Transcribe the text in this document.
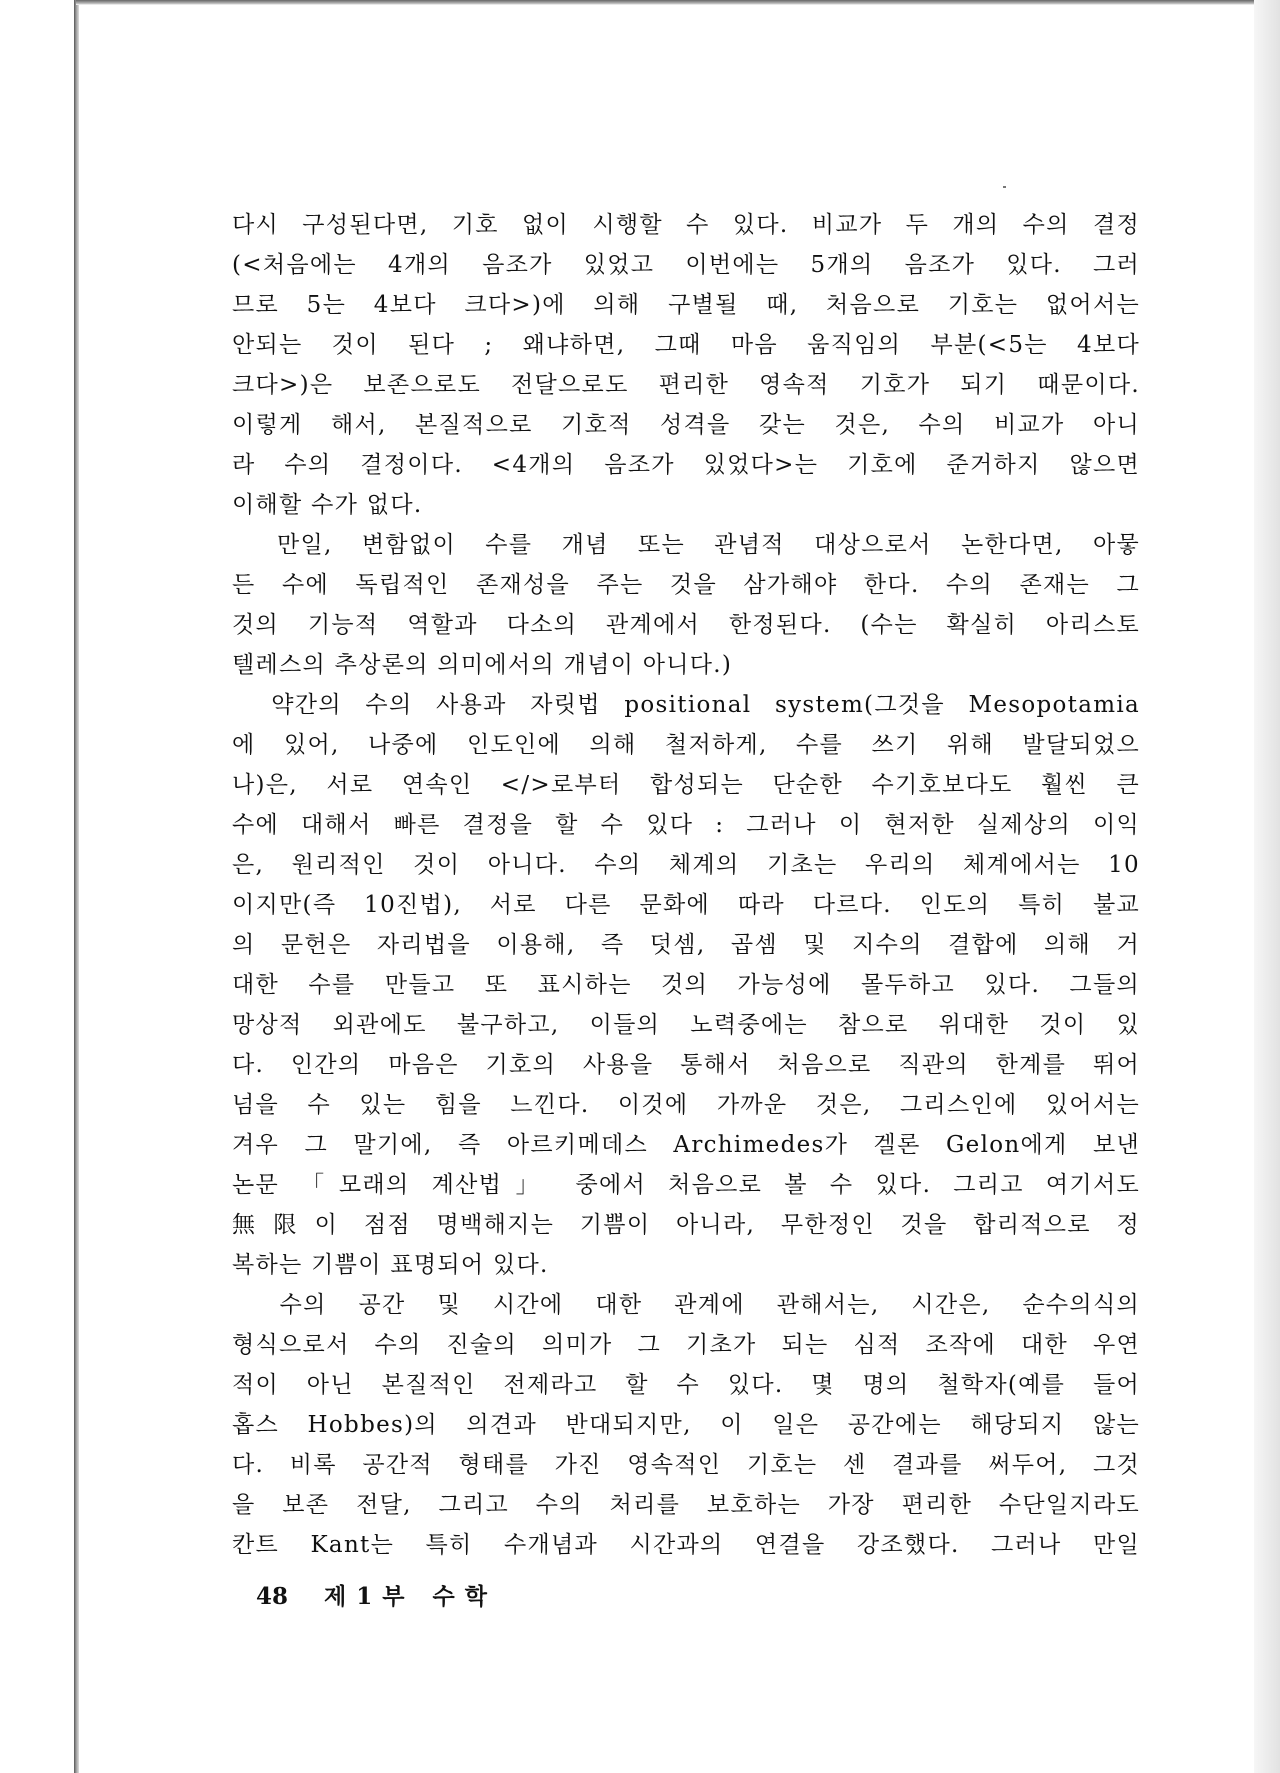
다시 구성된다면, 기호 없이 시행할 수 있다. 비교가 두 개의 수의 결정
(<처음에는 4개의 음조가 있었고 이번에는 5개의 음조가 있다. 그러
므로 5는 4보다 크다>)에 의해 구별될 때, 처음으로 기호는 없어서는
안되는 것이 된다 ; 왜냐하면, 그때 마음 움직임의 부분(<5는 4보다
크다>)은 보존으로도 전달으로도 편리한 영속적 기호가 되기 때문이다.
이렇게 해서, 본질적으로 기호적 성격을 갖는 것은, 수의 비교가 아니
라 수의 결정이다. <4개의 음조가 있었다>는 기호에 준거하지 않으면
이해할 수가 없다.
　만일, 변함없이 수를 개념 또는 관념적 대상으로서 논한다면, 아뭏
든 수에 독립적인 존재성을 주는 것을 삼가해야 한다. 수의 존재는 그
것의 기능적 역할과 다소의 관계에서 한정된다. (수는 확실히 아리스토
텔레스의 추상론의 의미에서의 개념이 아니다.)
　약간의 수의 사용과 자릿법 positional system(그것을 Mesopotamia
에 있어, 나중에 인도인에 의해 철저하게, 수를 쓰기 위해 발달되었으
나)은, 서로 연속인 </>로부터 합성되는 단순한 수기호보다도 훨씬 큰
수에 대해서 빠른 결정을 할 수 있다 : 그러나 이 현저한 실제상의 이익
은, 원리적인 것이 아니다. 수의 체계의 기초는 우리의 체계에서는 10
이지만(즉 10진법), 서로 다른 문화에 따라 다르다. 인도의 특히 불교
의 문헌은 자리법을 이용해, 즉 덧셈, 곱셈 및 지수의 결합에 의해 거
대한 수를 만들고 또 표시하는 것의 가능성에 몰두하고 있다. 그들의
망상적 외관에도 불구하고, 이들의 노력중에는 참으로 위대한 것이 있
다. 인간의 마음은 기호의 사용을 통해서 처음으로 직관의 한계를 뛰어
넘을 수 있는 힘을 느낀다. 이것에 가까운 것은, 그리스인에 있어서는
겨우 그 말기에, 즉 아르키메데스 Archimedes가 겔론 Gelon에게 보낸
논문 「모래의 계산법」 중에서 처음으로 볼 수 있다. 그리고 여기서도
無限이 점점 명백해지는 기쁨이 아니라, 무한정인 것을 합리적으로 정
복하는 기쁨이 표명되어 있다.
　수의 공간 및 시간에 대한 관계에 관해서는, 시간은, 순수의식의
형식으로서 수의 진술의 의미가 그 기초가 되는 심적 조작에 대한 우연
적이 아닌 본질적인 전제라고 할 수 있다. 몇 명의 철학자(예를 들어
홉스 Hobbes)의 의견과 반대되지만, 이 일은 공간에는 해당되지 않는
다. 비록 공간적 형태를 가진 영속적인 기호는 센 결과를 써두어, 그것
을 보존 전달, 그리고 수의 처리를 보호하는 가장 편리한 수단일지라도
칸트 Kant는 특히 수개념과 시간과의 연결을 강조했다. 그러나 만일
48 제1부 수학
